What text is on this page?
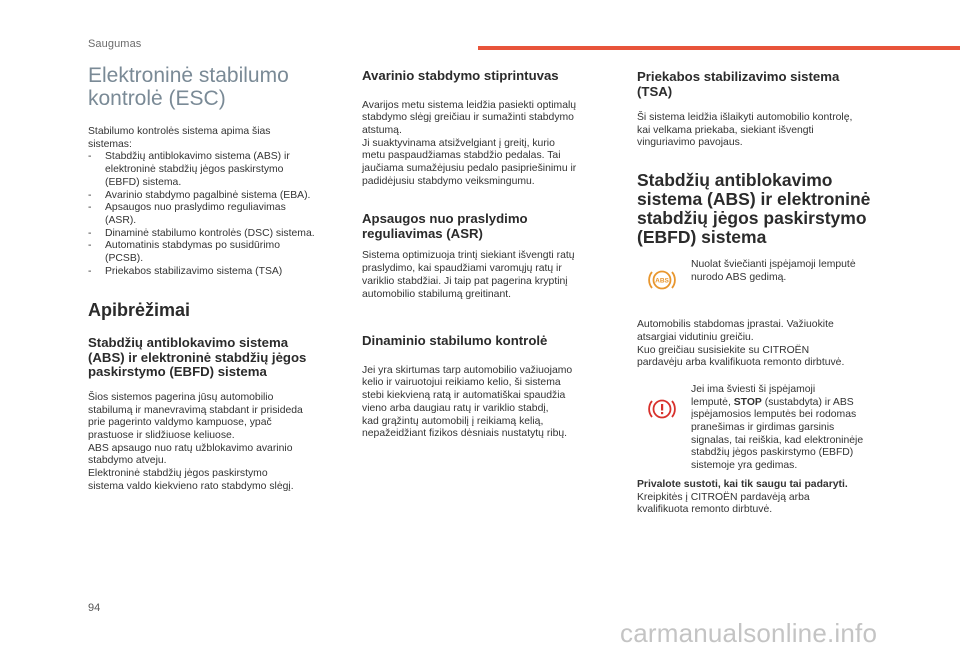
Saugumas
Elektroninė stabilumo
kontrolė (ESC)

Stabilumo kontrolės sistema apima šias
sistemas:

- Stabdžių antiblokavimo sistema (ABS) ir
elektroninė stabdžių jėgos paskirstymo
(EBFD) sistema.
- Avarinio stabdymo pagalbinė sistema (EBA).
- Apsaugos nuo praslydimo reguliavimas
(ASR).
- Dinaminė stabilumo kontrolės (DSC) sistema.
- Automatinis stabdymas po susidūrimo
(PCSB).
- Priekabos stabilizavimo sistema (TSA)
Apibrėžimai
Stabdžių antiblokavimo sistema
(ABS) ir elektroninė stabdžių jėgos
paskirstymo (EBFD) sistema

Šios sistemos pagerina jūsų automobilio
stabilumą ir manevravimą stabdant ir prisideda
prie pagerinto valdymo kampuose, ypač
prastuose ir slidžiuose keliuose.
ABS apsaugo nuo ratų užblokavimo avarinio
stabdymo atveju.
Elektroninė stabdžių jėgos paskirstymo
sistema valdo kiekvieno rato stabdymo slėgį.

Avarinio stabdymo stiprintuvas

Avarijos metu sistema leidžia pasiekti optimalų
stabdymo slėgį greičiau ir sumažinti stabdymo
atstumą.
Ji suaktyvinama atsižvelgiant į greitį, kurio
metu paspaudžiamas stabdžio pedalas. Tai
jaučiama sumažėjusiu pedalo pasipriešinimu ir
padidėjusiu stabdymo veiksmingumu.

Apsaugos nuo praslydimo
reguliavimas (ASR)

Sistema optimizuoja trintį siekiant išvengti ratų
praslydimo, kai spaudžiami varomųjų ratų ir
variklio stabdžiai. Ji taip pat pagerina kryptinį
automobilio stabilumą greitinant.

Dinaminio stabilumo kontrolė

Jei yra skirtumas tarp automobilio važiuojamo
kelio ir vairuotojui reikiamo kelio, ši sistema
stebi kiekvieną ratą ir automatiškai spaudžia
vieno arba daugiau ratų ir variklio stabdį,
kad grąžintų automobilį į reikiamą kelią,
nepažeidžiant fizikos dėsniais nustatytų ribų.

Priekabos stabilizavimo sistema
(TSA)

Ši sistema leidžia išlaikyti automobilio kontrolę,
kai velkama priekaba, siekiant išvengti
vinguriavimo pavojaus.

Stabdžių antiblokavimo
sistema (ABS) ir elektroninė
stabdžių jėgos paskirstymo
(EBFD) sistema
ABS

Nuolat šviečianti įspėjamoji lemputė
nurodo ABS gedimą.

Automobilis stabdomas įprastai. Važiuokite
atsargiai vidutiniu greičiu.
Kuo greičiau susisiekite su CITROËN
pardavėju arba kvalifikuota remonto dirbtuvė.

Jei ima šviesti ši įspėjamoji
lemputė, STOP (sustabdyta) ir ABS
įspėjamosios lemputės bei rodomas
pranešimas ir girdimas garsinis
signalas, tai reiškia, kad elektroninėje
stabdžių jėgos paskirstymo (EBFD)
sistemoje yra gedimas.

Privalote sustoti, kai tik saugu tai padaryti.
Kreipkitės į CITROËN pardavėją arba
kvalifikuota remonto dirbtuvė.

94
carmanualsonline.info
